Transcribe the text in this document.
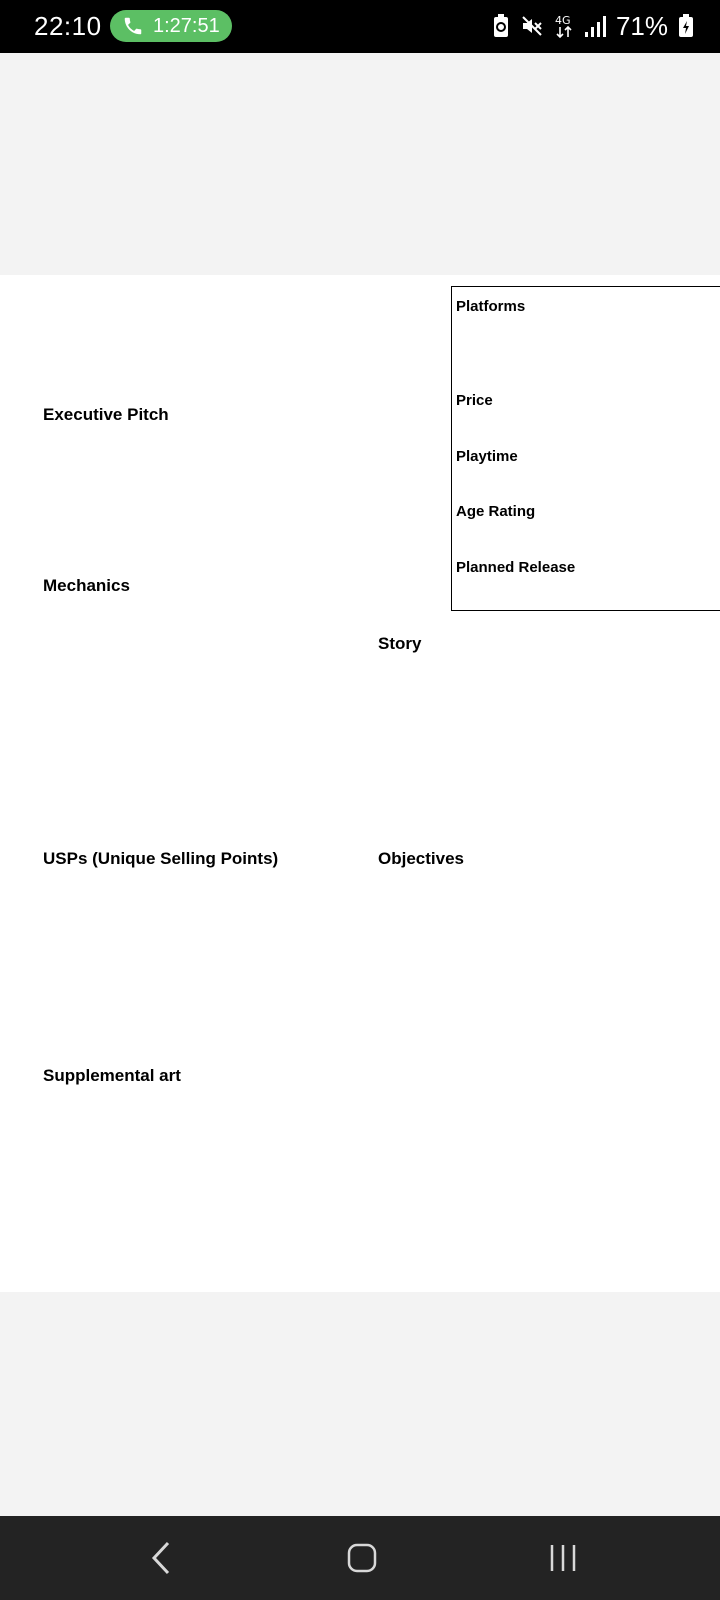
22:10	1:27:51	4G 71%
Executive Pitch
Mechanics
Story
USPs (Unique Selling Points)	Objectives
Supplemental art
Platforms
Price
Playtime
Age Rating
Planned Release
